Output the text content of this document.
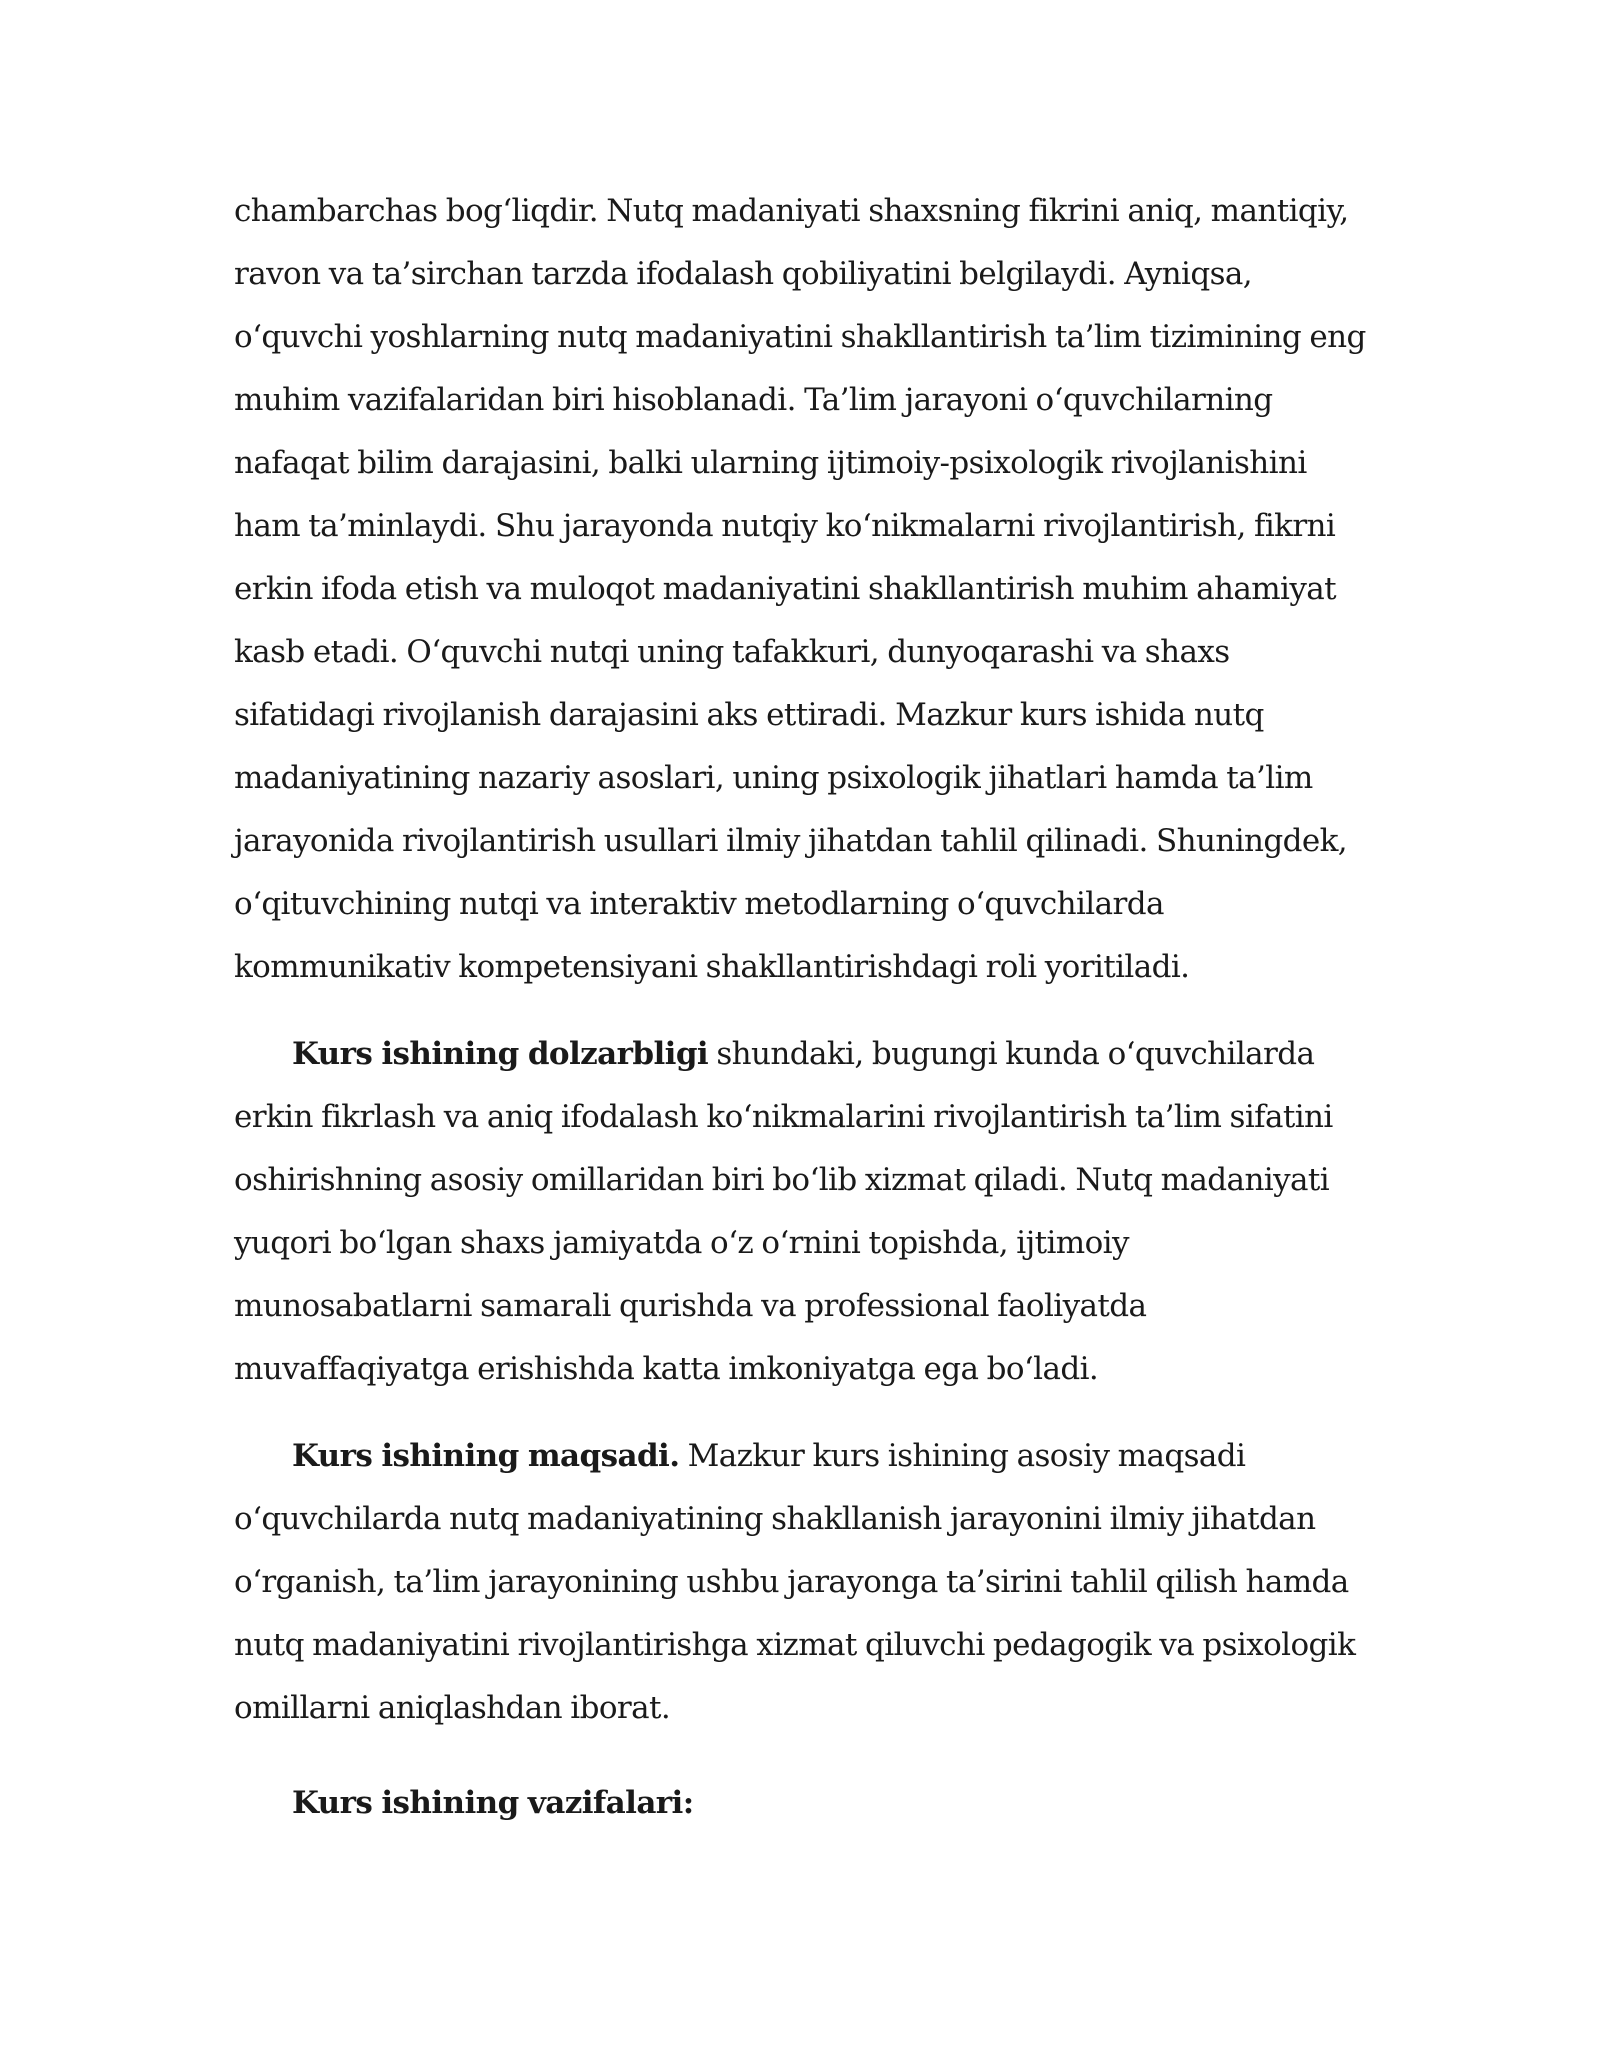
chambarchas bog‘liqdir. Nutq madaniyati shaxsning fikrini aniq, mantiqiy, ravon va ta’sirchan tarzda ifodalash qobiliyatini belgilaydi. Ayniqsa, o‘quvchi yoshlarning nutq madaniyatini shakllantirish ta’lim tizimining eng muhim vazifalaridan biri hisoblanadi. Ta’lim jarayoni o‘quvchilarning nafaqat bilim darajasini, balki ularning ijtimoiy-psixologik rivojlanishini ham ta’minlaydi. Shu jarayonda nutqiy ko‘nikmalarni rivojlantirish, fikrni erkin ifoda etish va muloqot madaniyatini shakllantirish muhim ahamiyat kasb etadi. O‘quvchi nutqi uning tafakkuri, dunyoqarashi va shaxs sifatidagi rivojlanish darajasini aks ettiradi. Mazkur kurs ishida nutq madaniyatining nazariy asoslari, uning psixologik jihatlari hamda ta’lim jarayonida rivojlantirish usullari ilmiy jihatdan tahlil qilinadi. Shuningdek, o‘qituvchining nutqi va interaktiv metodlarning o‘quvchilarda kommunikativ kompetensiyani shakllantirishdagi roli yoritiladi.

Kurs ishining dolzarbligi shundaki, bugungi kunda o‘quvchilarda erkin fikrlash va aniq ifodalash ko‘nikmalarini rivojlantirish ta’lim sifatini oshirishning asosiy omillaridan biri bo‘lib xizmat qiladi. Nutq madaniyati yuqori bo‘lgan shaxs jamiyatda o‘z o‘rnini topishda, ijtimoiy munosabatlarni samarali qurishda va professional faoliyatda muvaffaqiyatga erishishda katta imkoniyatga ega bo‘ladi.

Kurs ishining maqsadi. Mazkur kurs ishining asosiy maqsadi o‘quvchilarda nutq madaniyatining shakllanish jarayonini ilmiy jihatdan o‘rganish, ta’lim jarayonining ushbu jarayonga ta’sirini tahlil qilish hamda nutq madaniyatini rivojlantirishga xizmat qiluvchi pedagogik va psixologik omillarni aniqlashdan iborat.

Kurs ishining vazifalari:
